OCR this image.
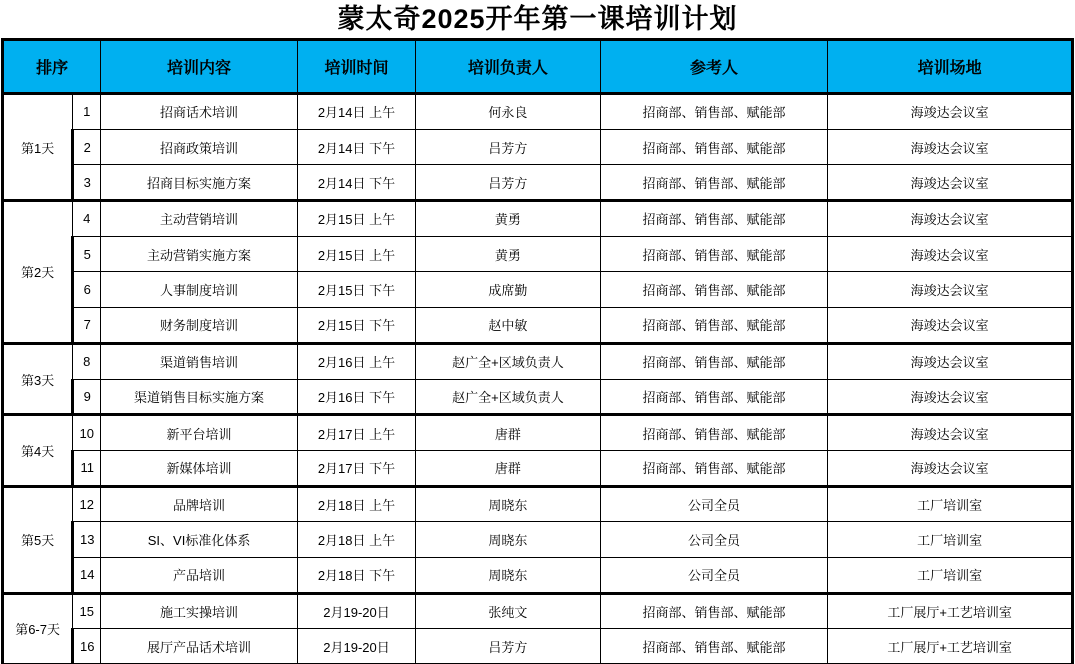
蒙太奇2025开年第一课培训计划
排序		培训内容	培训时间	培训负责人	参考人	培训场地
第1天	1	招商话术培训	2月14日 上午	何永良	招商部、销售部、赋能部	海竣达会议室
	2	招商政策培训	2月14日 下午	吕芳方	招商部、销售部、赋能部	海竣达会议室
	3	招商目标实施方案	2月14日 下午	吕芳方	招商部、销售部、赋能部	海竣达会议室
第2天	4	主动营销培训	2月15日 上午	黄勇	招商部、销售部、赋能部	海竣达会议室
	5	主动营销实施方案	2月15日 上午	黄勇	招商部、销售部、赋能部	海竣达会议室
	6	人事制度培训	2月15日 下午	成席勤	招商部、销售部、赋能部	海竣达会议室
	7	财务制度培训	2月15日 下午	赵中敏	招商部、销售部、赋能部	海竣达会议室
第3天	8	渠道销售培训	2月16日 上午	赵广全+区域负责人	招商部、销售部、赋能部	海竣达会议室
	9	渠道销售目标实施方案	2月16日 下午	赵广全+区域负责人	招商部、销售部、赋能部	海竣达会议室
第4天	10	新平台培训	2月17日 上午	唐群	招商部、销售部、赋能部	海竣达会议室
	11	新媒体培训	2月17日 下午	唐群	招商部、销售部、赋能部	海竣达会议室
第5天	12	品牌培训	2月18日 上午	周晓东	公司全员	工厂培训室
	13	SI、VI标准化体系	2月18日 上午	周晓东	公司全员	工厂培训室
	14	产品培训	2月18日 下午	周晓东	公司全员	工厂培训室
第6-7天	15	施工实操培训	2月19-20日	张纯文	招商部、销售部、赋能部	工厂展厅+工艺培训室
	16	展厅产品话术培训	2月19-20日	吕芳方	招商部、销售部、赋能部	工厂展厅+工艺培训室
